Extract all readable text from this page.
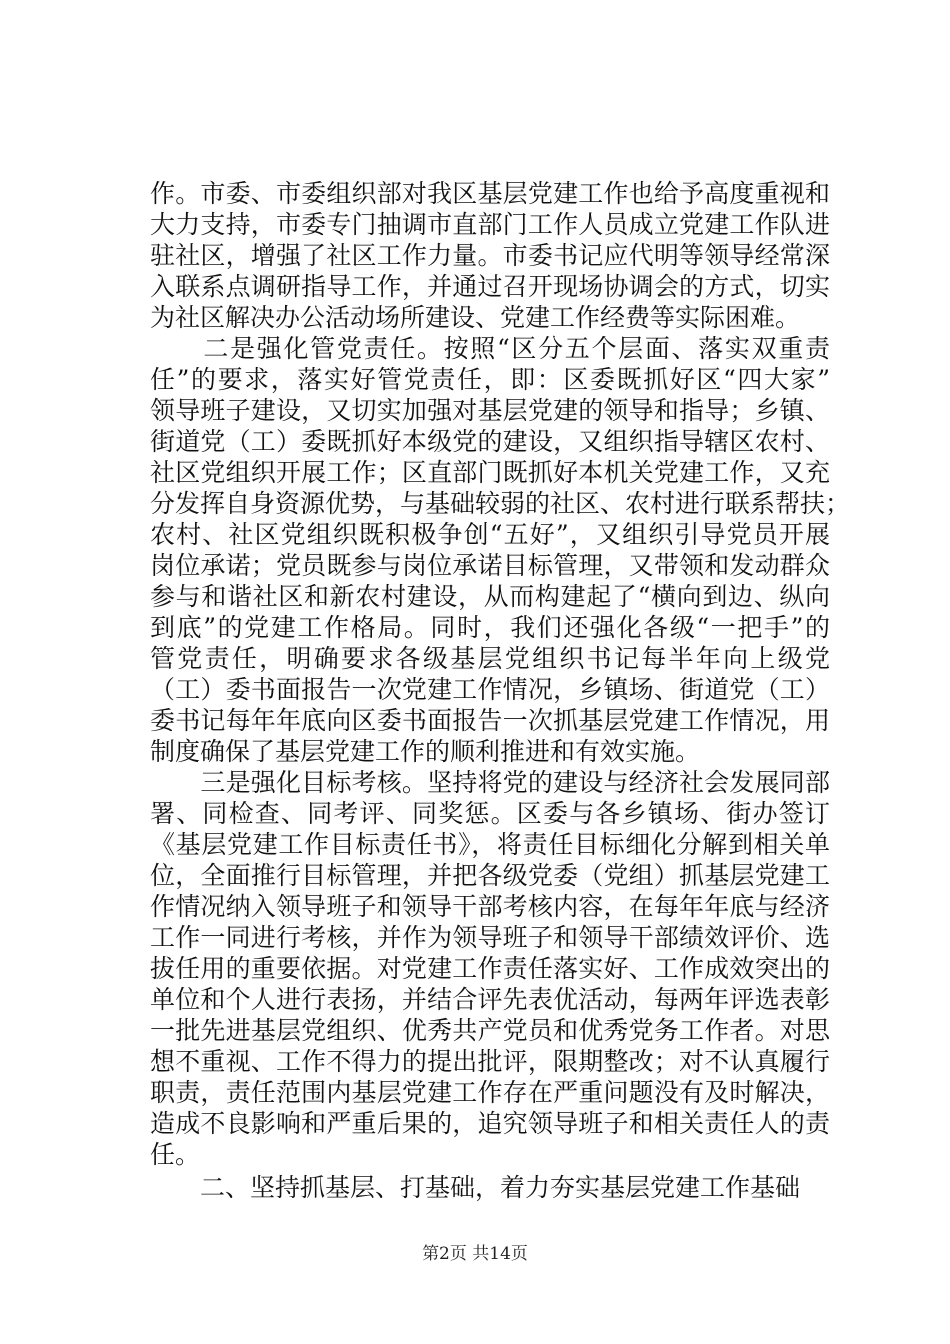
作。市委、市委组织部对我区基层党建工作也给予高度重视和
大力支持，市委专门抽调市直部门工作人员成立党建工作队进
驻社区，增强了社区工作力量。市委书记应代明等领导经常深
入联系点调研指导工作，并通过召开现场协调会的方式，切实
为社区解决办公活动场所建设、党建工作经费等实际困难。
　　二是强化管党责任。按照“区分五个层面、落实双重责
任”的要求，落实好管党责任，即：区委既抓好区“四大家”
领导班子建设，又切实加强对基层党建的领导和指导；乡镇、
街道党（工）委既抓好本级党的建设，又组织指导辖区农村、
社区党组织开展工作；区直部门既抓好本机关党建工作，又充
分发挥自身资源优势，与基础较弱的社区、农村进行联系帮扶；
农村、社区党组织既积极争创“五好”，又组织引导党员开展
岗位承诺；党员既参与岗位承诺目标管理，又带领和发动群众
参与和谐社区和新农村建设，从而构建起了“横向到边、纵向
到底”的党建工作格局。同时，我们还强化各级“一把手”的
管党责任，明确要求各级基层党组织书记每半年向上级党
（工）委书面报告一次党建工作情况，乡镇场、街道党（工）
委书记每年年底向区委书面报告一次抓基层党建工作情况，用
制度确保了基层党建工作的顺利推进和有效实施。
　　三是强化目标考核。坚持将党的建设与经济社会发展同部
署、同检查、同考评、同奖惩。区委与各乡镇场、街办签订
《基层党建工作目标责任书》，将责任目标细化分解到相关单
位，全面推行目标管理，并把各级党委（党组）抓基层党建工
作情况纳入领导班子和领导干部考核内容，在每年年底与经济
工作一同进行考核，并作为领导班子和领导干部绩效评价、选
拔任用的重要依据。对党建工作责任落实好、工作成效突出的
单位和个人进行表扬，并结合评先表优活动，每两年评选表彰
一批先进基层党组织、优秀共产党员和优秀党务工作者。对思
想不重视、工作不得力的提出批评，限期整改；对不认真履行
职责，责任范围内基层党建工作存在严重问题没有及时解决，
造成不良影响和严重后果的，追究领导班子和相关责任人的责
任。
　　二、坚持抓基层、打基础，着力夯实基层党建工作基础
第2页 共14页
